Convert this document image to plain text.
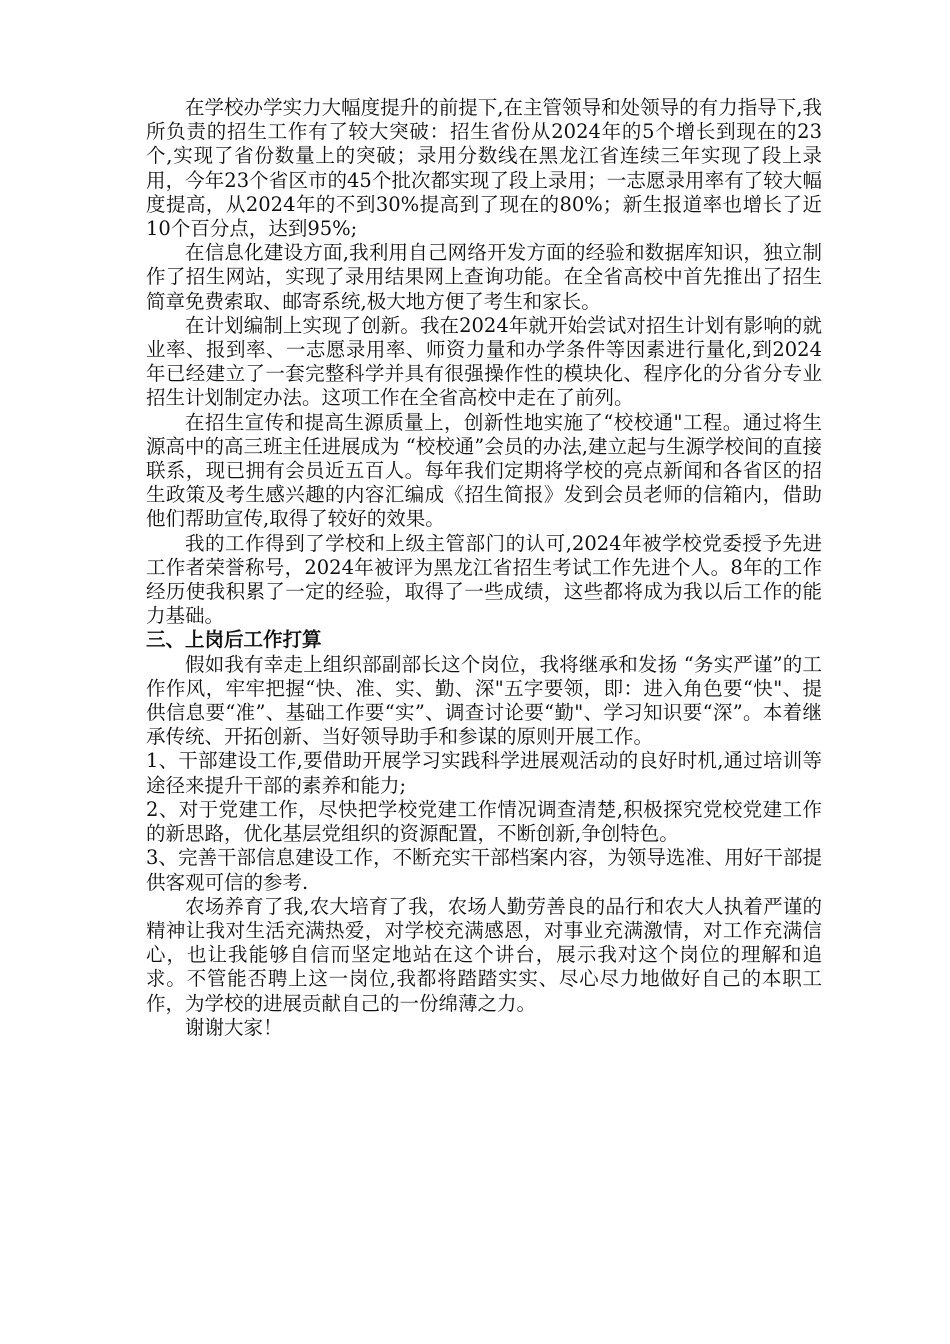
在学校办学实力大幅度提升的前提下,在主管领导和处领导的有力指导下,我所负责的招生工作有了较大突破：招生省份从2024年的5个增长到现在的23个,实现了省份数量上的突破；录用分数线在黑龙江省连续三年实现了段上录用，今年23个省区市的45个批次都实现了段上录用；一志愿录用率有了较大幅度提高，从2024年的不到30%提高到了现在的80%；新生报道率也增长了近10个百分点，达到95%;

在信息化建设方面,我利用自己网络开发方面的经验和数据库知识，独立制作了招生网站，实现了录用结果网上查询功能。在全省高校中首先推出了招生简章免费索取、邮寄系统,极大地方便了考生和家长。

在计划编制上实现了创新。我在2024年就开始尝试对招生计划有影响的就业率、报到率、一志愿录用率、师资力量和办学条件等因素进行量化,到2024年已经建立了一套完整科学并具有很强操作性的模块化、程序化的分省分专业招生计划制定办法。这项工作在全省高校中走在了前列。

在招生宣传和提高生源质量上，创新性地实施了“校校通"工程。通过将生源高中的高三班主任进展成为 “校校通”会员的办法,建立起与生源学校间的直接联系，现已拥有会员近五百人。每年我们定期将学校的亮点新闻和各省区的招生政策及考生感兴趣的内容汇编成《招生简报》发到会员老师的信箱内，借助他们帮助宣传,取得了较好的效果。

我的工作得到了学校和上级主管部门的认可,2024年被学校党委授予先进工作者荣誉称号，2024年被评为黑龙江省招生考试工作先进个人。8年的工作经历使我积累了一定的经验，取得了一些成绩，这些都将成为我以后工作的能力基础。

三、上岗后工作打算

假如我有幸走上组织部副部长这个岗位，我将继承和发扬 “务实严谨”的工作作风，牢牢把握“快、准、实、勤、深"五字要领，即：进入角色要“快"、提供信息要“准”、基础工作要“实”、调查讨论要“勤"、学习知识要“深”。本着继承传统、开拓创新、当好领导助手和参谋的原则开展工作。

1、干部建设工作,要借助开展学习实践科学进展观活动的良好时机,通过培训等途径来提升干部的素养和能力;

2、对于党建工作，尽快把学校党建工作情况调查清楚,积极探究党校党建工作的新思路，优化基层党组织的资源配置，不断创新,争创特色。

3、完善干部信息建设工作，不断充实干部档案内容，为领导选准、用好干部提供客观可信的参考.

农场养育了我,农大培育了我，农场人勤劳善良的品行和农大人执着严谨的精神让我对生活充满热爱，对学校充满感恩，对事业充满激情，对工作充满信心，也让我能够自信而坚定地站在这个讲台，展示我对这个岗位的理解和追求。不管能否聘上这一岗位,我都将踏踏实实、尽心尽力地做好自己的本职工作，为学校的进展贡献自己的一份绵薄之力。

谢谢大家！
